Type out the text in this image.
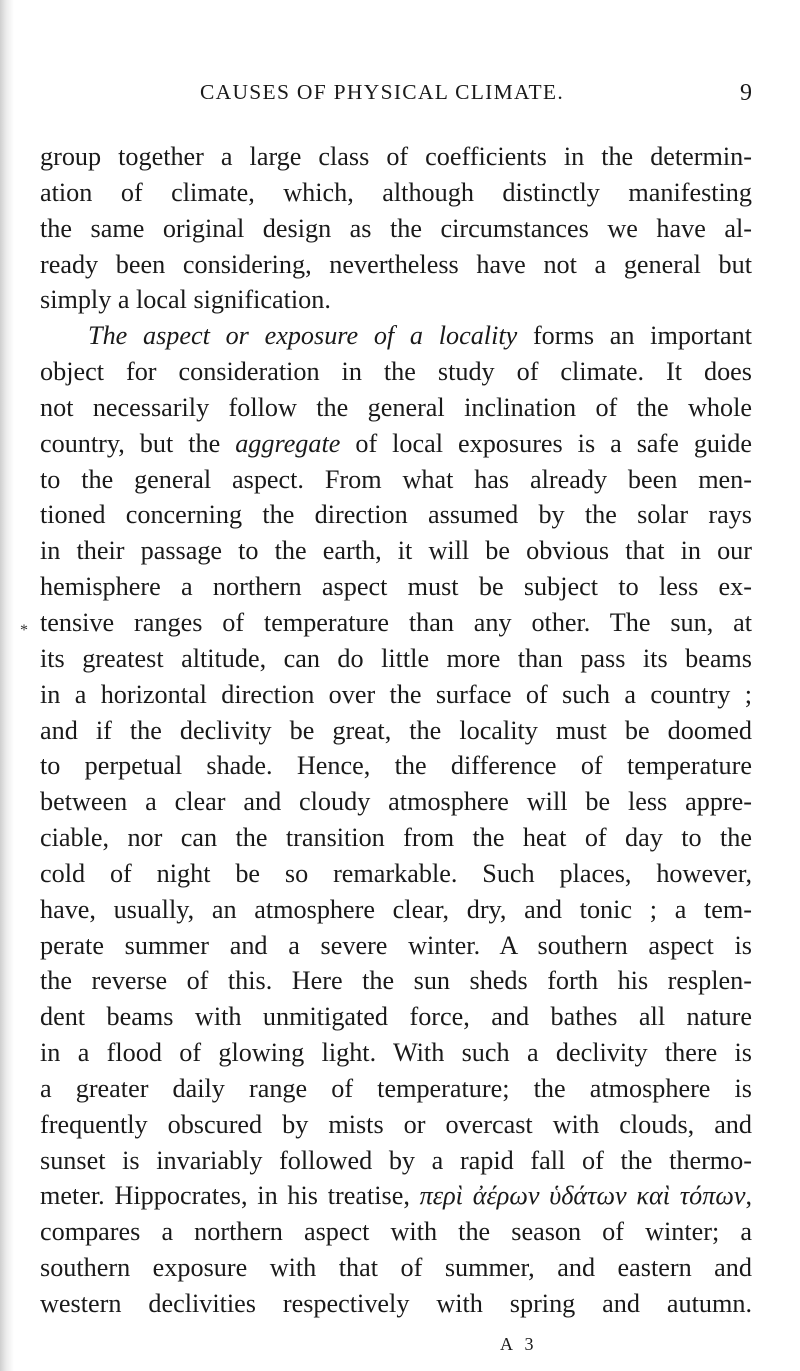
*
CAUSES OF PHYSICAL CLIMATE.	9
group together a large class of coefficients in the determin-
ation of climate, which, although distinctly manifesting
the same original design as the circumstances we have al-
ready been considering, nevertheless have not a general but
simply a local signification.
The aspect or exposure of a locality forms an important
object for consideration in the study of climate. It does
not necessarily follow the general inclination of the whole
country, but the aggregate of local exposures is a safe guide
to the general aspect. From what has already been men-
tioned concerning the direction assumed by the solar rays
in their passage to the earth, it will be obvious that in our
hemisphere a northern aspect must be subject to less ex-
tensive ranges of temperature than any other. The sun, at
its greatest altitude, can do little more than pass its beams
in a horizontal direction over the surface of such a country ;
and if the declivity be great, the locality must be doomed
to perpetual shade. Hence, the difference of temperature
between a clear and cloudy atmosphere will be less appre-
ciable, nor can the transition from the heat of day to the
cold of night be so remarkable. Such places, however,
have, usually, an atmosphere clear, dry, and tonic ; a tem-
perate summer and a severe winter. A southern aspect is
the reverse of this. Here the sun sheds forth his resplen-
dent beams with unmitigated force, and bathes all nature
in a flood of glowing light. With such a declivity there is
a greater daily range of temperature; the atmosphere is
frequently obscured by mists or overcast with clouds, and
sunset is invariably followed by a rapid fall of the thermo-
meter. Hippocrates, in his treatise, περὶ ἀέρων ὑδάτων καὶ τόπων,
compares a northern aspect with the season of winter; a
southern exposure with that of summer, and eastern and
western declivities respectively with spring and autumn.
A 3
